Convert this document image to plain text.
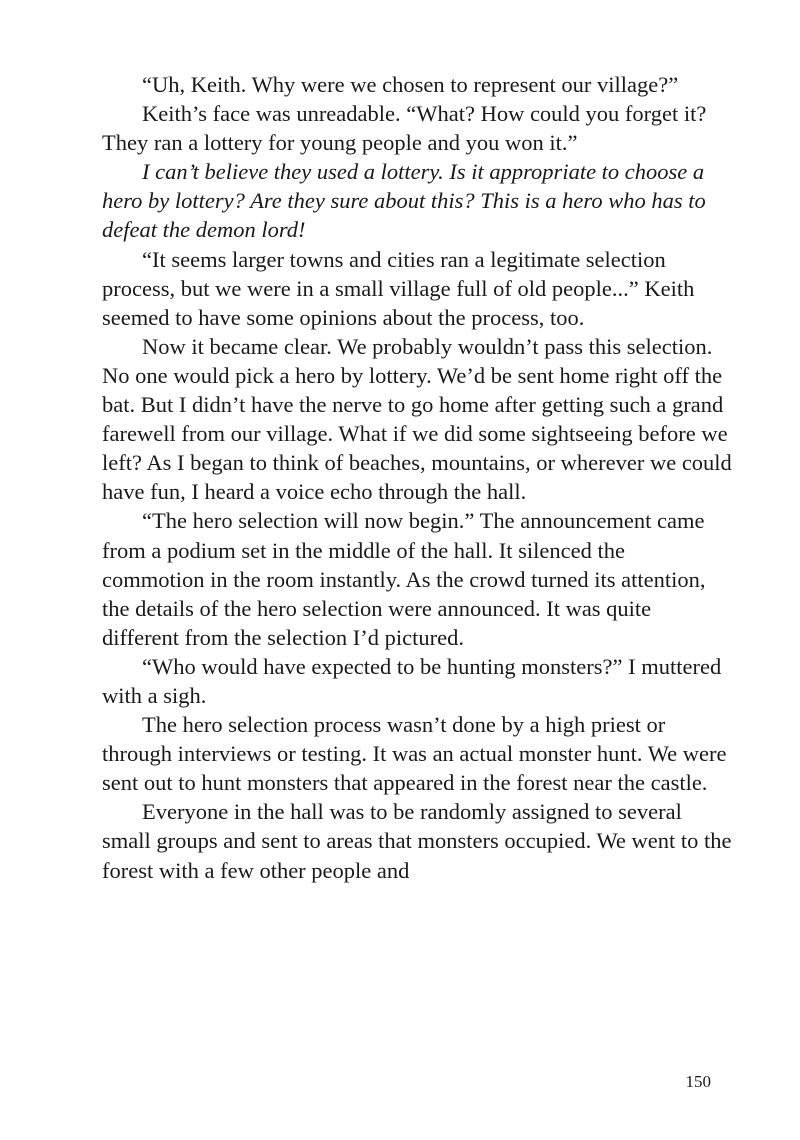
“Uh, Keith. Why were we chosen to represent our village?”

Keith’s face was unreadable. “What? How could you forget it? They ran a lottery for young people and you won it.”

I can’t believe they used a lottery. Is it appropriate to choose a hero by lottery? Are they sure about this? This is a hero who has to defeat the demon lord!

“It seems larger towns and cities ran a legitimate selection process, but we were in a small village full of old people...” Keith seemed to have some opinions about the process, too.

Now it became clear. We probably wouldn’t pass this selection. No one would pick a hero by lottery. We’d be sent home right off the bat. But I didn’t have the nerve to go home after getting such a grand farewell from our village. What if we did some sightseeing before we left? As I began to think of beaches, mountains, or wherever we could have fun, I heard a voice echo through the hall.

“The hero selection will now begin.” The announcement came from a podium set in the middle of the hall. It silenced the commotion in the room instantly. As the crowd turned its attention, the details of the hero selection were announced. It was quite different from the selection I’d pictured.

“Who would have expected to be hunting monsters?” I muttered with a sigh.

The hero selection process wasn’t done by a high priest or through interviews or testing. It was an actual monster hunt. We were sent out to hunt monsters that appeared in the forest near the castle.

Everyone in the hall was to be randomly assigned to several small groups and sent to areas that monsters occupied. We went to the forest with a few other people and

150
